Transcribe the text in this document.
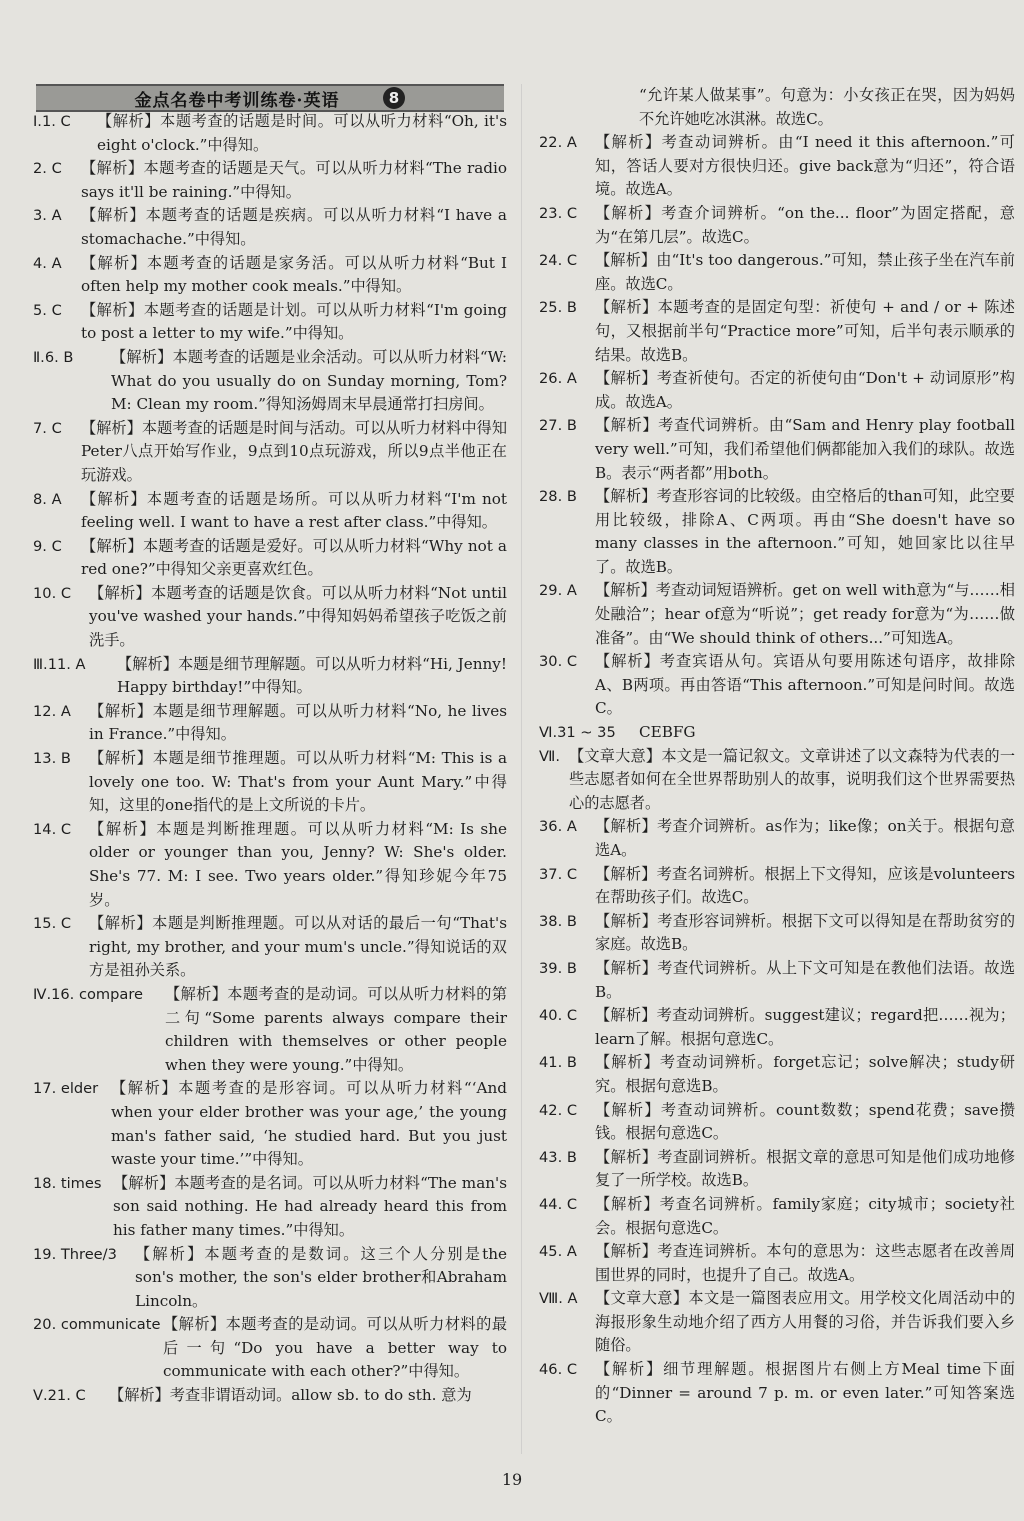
金点名卷中考训练卷·英语	8
Ⅰ.1. C	【解析】本题考查的话题是时间。可以从听力材料“Oh, it's eight o'clock.”中得知。
2. C	【解析】本题考查的话题是天气。可以从听力材料“The radio says it'll be raining.”中得知。
3. A	【解析】本题考查的话题是疾病。可以从听力材料“I have a stomachache.”中得知。
4. A	【解析】本题考查的话题是家务活。可以从听力材料“But I often help my mother cook meals.”中得知。
5. C	【解析】本题考查的话题是计划。可以从听力材料“I'm going to post a letter to my wife.”中得知。
Ⅱ.6. B	【解析】本题考查的话题是业余活动。可以从听力材料“W: What do you usually do on Sunday morning, Tom? M: Clean my room.”得知汤姆周末早晨通常打扫房间。
7. C	【解析】本题考查的话题是时间与活动。可以从听力材料中得知Peter八点开始写作业，9点到10点玩游戏，所以9点半他正在玩游戏。
8. A	【解析】本题考查的话题是场所。可以从听力材料“I'm not feeling well. I want to have a rest after class.”中得知。
9. C	【解析】本题考查的话题是爱好。可以从听力材料“Why not a red one?”中得知父亲更喜欢红色。
10. C	【解析】本题考查的话题是饮食。可以从听力材料“Not until you've washed your hands.”中得知妈妈希望孩子吃饭之前洗手。
Ⅲ.11. A	【解析】本题是细节理解题。可以从听力材料“Hi, Jenny! Happy birthday!”中得知。
12. A	【解析】本题是细节理解题。可以从听力材料“No, he lives in France.”中得知。
13. B	【解析】本题是细节推理题。可以从听力材料“M: This is a lovely one too. W: That's from your Aunt Mary.”中得知，这里的one指代的是上文所说的卡片。
14. C	【解析】本题是判断推理题。可以从听力材料“M: Is she older or younger than you, Jenny? W: She's older. She's 77. M: I see. Two years older.”得知珍妮今年75岁。
15. C	【解析】本题是判断推理题。可以从对话的最后一句“That's right, my brother, and your mum's uncle.”得知说话的双方是祖孙关系。
Ⅳ.16. compare	【解析】本题考查的是动词。可以从听力材料的第二句“Some parents always compare their children with themselves or other people when they were young.”中得知。
17. elder 【解析】本题考查的是形容词。可以从听力材料“‘And when your elder brother was your age,’ the young man's father said, ‘he studied hard. But you just waste your time.’”中得知。
18. times 【解析】本题考查的是名词。可以从听力材料“The man's son said nothing. He had already heard this from his father many times.”中得知。
19. Three/3	【解析】本题考查的是数词。这三个人分别是the son's mother, the son's elder brother和Abraham Lincoln。
20. communicate 【解析】本题考查的是动词。可以从听力材料的最后一句“Do you have a better way to communicate with each other?”中得知。
Ⅴ.21. C	【解析】考查非谓语动词。allow sb. to do sth. 意为
“允许某人做某事”。句意为：小女孩正在哭，因为妈妈不允许她吃冰淇淋。故选C。
22. A	【解析】考查动词辨析。由“I need it this afternoon.”可知，答话人要对方很快归还。give back意为“归还”，符合语境。故选A。
23. C	【解析】考查介词辨析。“on the... floor”为固定搭配，意为“在第几层”。故选C。
24. C	【解析】由“It's too dangerous.”可知，禁止孩子坐在汽车前座。故选C。
25. B	【解析】本题考查的是固定句型：祈使句 + and / or + 陈述句，又根据前半句“Practice more”可知，后半句表示顺承的结果。故选B。
26. A	【解析】考查祈使句。否定的祈使句由“Don't + 动词原形”构成。故选A。
27. B	【解析】考查代词辨析。由“Sam and Henry play football very well.”可知，我们希望他们俩都能加入我们的球队。故选B。表示“两者都”用both。
28. B	【解析】考查形容词的比较级。由空格后的than可知，此空要用比较级，排除A、C两项。再由“She doesn't have so many classes in the afternoon.”可知，她回家比以往早了。故选B。
29. A	【解析】考查动词短语辨析。get on well with意为“与……相处融洽”；hear of意为“听说”；get ready for意为“为……做准备”。由“We should think of others...”可知选A。
30. C	【解析】考查宾语从句。宾语从句要用陈述句语序，故排除A、B两项。再由答语“This afternoon.”可知是问时间。故选C。
Ⅵ.31 ~ 35	CEBFG
Ⅶ. 【文章大意】本文是一篇记叙文。文章讲述了以文森特为代表的一些志愿者如何在全世界帮助别人的故事，说明我们这个世界需要热心的志愿者。
36. A	【解析】考查介词辨析。as作为；like像；on关于。根据句意选A。
37. C	【解析】考查名词辨析。根据上下文得知，应该是volunteers在帮助孩子们。故选C。
38. B	【解析】考查形容词辨析。根据下文可以得知是在帮助贫穷的家庭。故选B。
39. B	【解析】考查代词辨析。从上下文可知是在教他们法语。故选B。
40. C	【解析】考查动词辨析。suggest建议；regard把……视为；learn了解。根据句意选C。
41. B	【解析】考查动词辨析。forget忘记；solve解决；study研究。根据句意选B。
42. C	【解析】考查动词辨析。count数数；spend花费；save攒钱。根据句意选C。
43. B	【解析】考查副词辨析。根据文章的意思可知是他们成功地修复了一所学校。故选B。
44. C	【解析】考查名词辨析。family家庭；city城市；society社会。根据句意选C。
45. A	【解析】考查连词辨析。本句的意思为：这些志愿者在改善周围世界的同时，也提升了自己。故选A。
Ⅷ. A	【文章大意】本文是一篇图表应用文。用学校文化周活动中的海报形象生动地介绍了西方人用餐的习俗，并告诉我们要入乡随俗。
46. C	【解析】细节理解题。根据图片右侧上方Meal time下面的“Dinner = around 7 p. m. or even later.”可知答案选C。
19
